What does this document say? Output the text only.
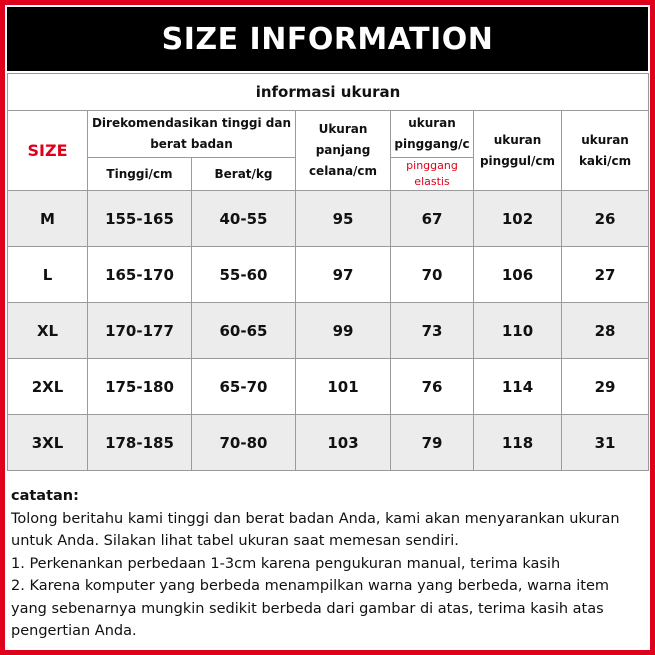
SIZE INFORMATION
informasi ukuran						
SIZE	Direkomendasikan tinggi dan berat badan		Ukuran panjang celana/cm	ukuran pinggang/c	ukuran pinggul/cm	ukuran kaki/cm
	Tinggi/cm	Berat/kg		pinggang elastis		
M	155-165	40-55	95	67	102	26
L	165-170	55-60	97	70	106	27
XL	170-177	60-65	99	73	110	28
2XL	175-180	65-70	101	76	114	29
3XL	178-185	70-80	103	79	118	31

catatan:

Tolong beritahu kami tinggi dan berat badan Anda, kami akan menyarankan ukuran untuk Anda. Silakan lihat tabel ukuran saat memesan sendiri.

1. Perkenankan perbedaan 1-3cm karena pengukuran manual, terima kasih

2. Karena komputer yang berbeda menampilkan warna yang berbeda, warna item yang sebenarnya mungkin sedikit berbeda dari gambar di atas, terima kasih atas pengertian Anda.
